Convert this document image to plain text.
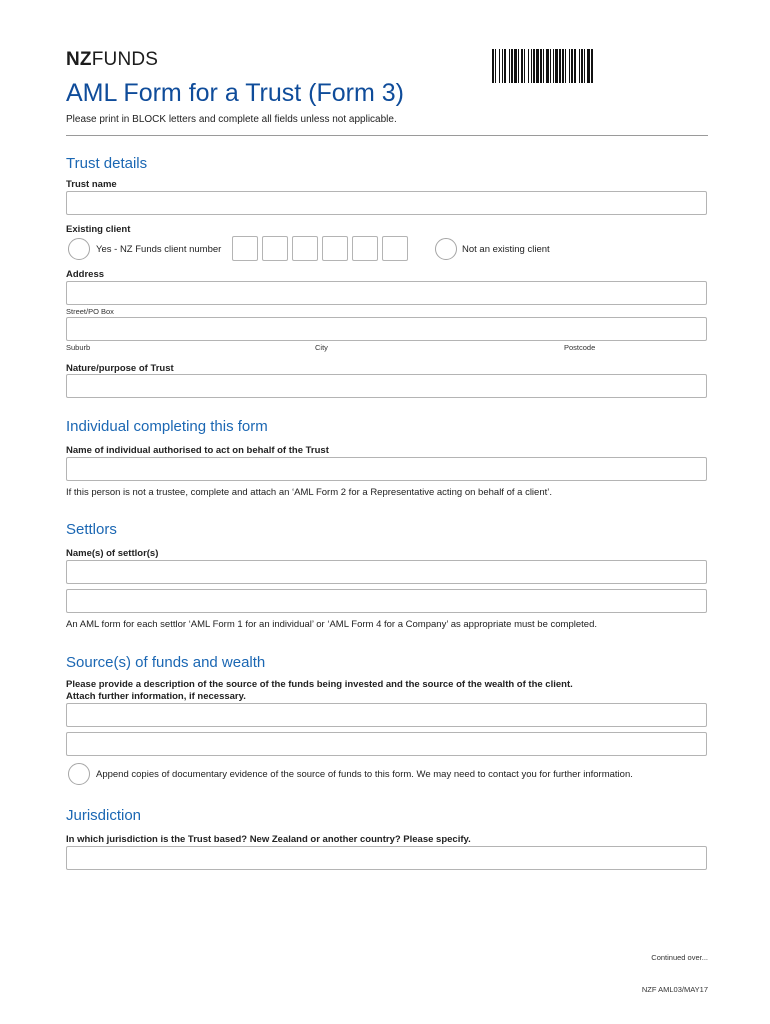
NZFUNDS
AML Form for a Trust (Form 3)
Please print in BLOCK letters and complete all fields unless not applicable.
Trust details
Trust name
Existing client
Yes - NZ Funds client number	Not an existing client
Address
Street/PO Box
Suburb	City	Postcode
Nature/purpose of Trust
Individual completing this form
Name of individual authorised to act on behalf of the Trust
If this person is not a trustee, complete and attach an ‘AML Form 2 for a Representative acting on behalf of a client’.
Settlors
Name(s) of settlor(s)
An AML form for each settlor ‘AML Form 1 for an individual’ or ‘AML Form 4 for a Company’ as appropriate must be completed.
Source(s) of funds and wealth
Please provide a description of the source of the funds being invested and the source of the wealth of the client.
Attach further information, if necessary.
Append copies of documentary evidence of the source of funds to this form. We may need to contact you for further information.
Jurisdiction
In which jurisdiction is the Trust based? New Zealand or another country? Please specify.
Continued over...
NZF AML03/MAY17
